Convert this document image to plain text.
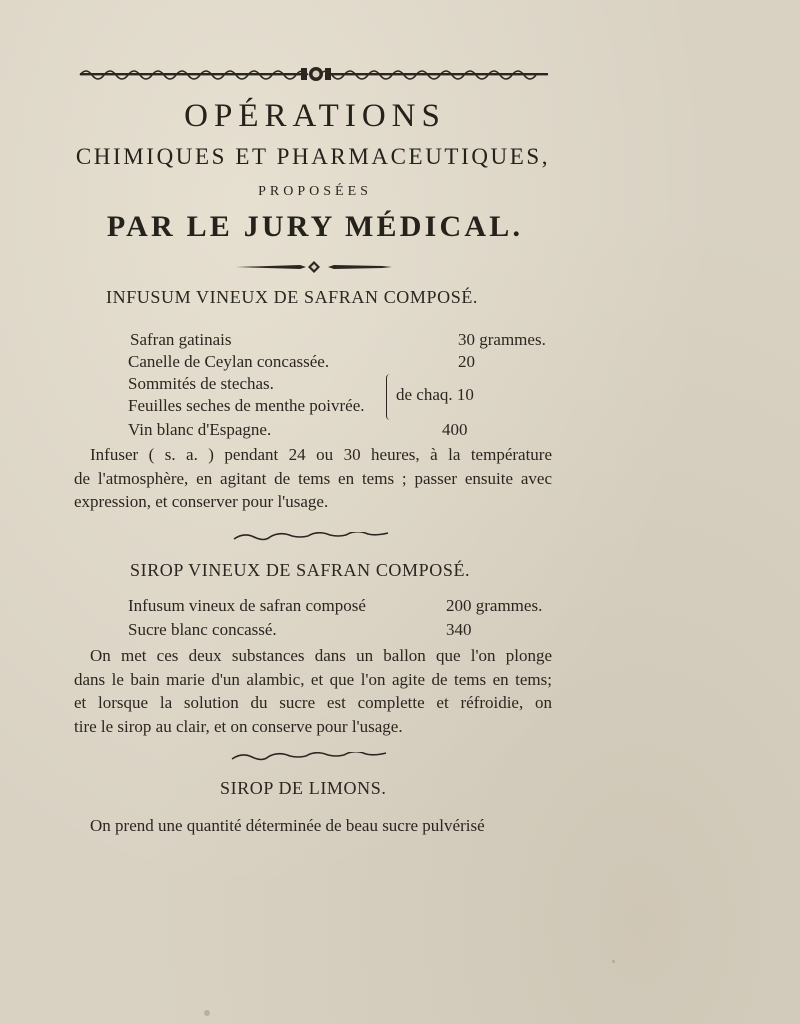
OPÉRATIONS
CHIMIQUES ET PHARMACEUTIQUES,
PROPOSÉES
PAR LE JURY MÉDICAL.
INFUSUM VINEUX DE SAFRAN COMPOSÉ.
Safran gatinais	30 grammes.
Canelle de Ceylan concassée.	20
Sommités de stechas.
Feuilles seches de menthe poivrée.
de chaq. 10
Vin blanc d'Espagne.	400
Infuser ( s. a. ) pendant 24 ou 30 heures, à la température
de l'atmosphère, en agitant de tems en tems ; passer ensuite avec
expression, et conserver pour l'usage.
SIROP VINEUX DE SAFRAN COMPOSÉ.
Infusum vineux de safran composé	200 grammes.
Sucre blanc concassé.	340
On met ces deux substances dans un ballon que l'on plonge
dans le bain marie d'un alambic, et que l'on agite de tems en tems;
et lorsque la solution du sucre est complette et réfroidie, on
tire le sirop au clair, et on conserve pour l'usage.
SIROP DE LIMONS.
On prend une quantité déterminée de beau sucre pulvérisé
